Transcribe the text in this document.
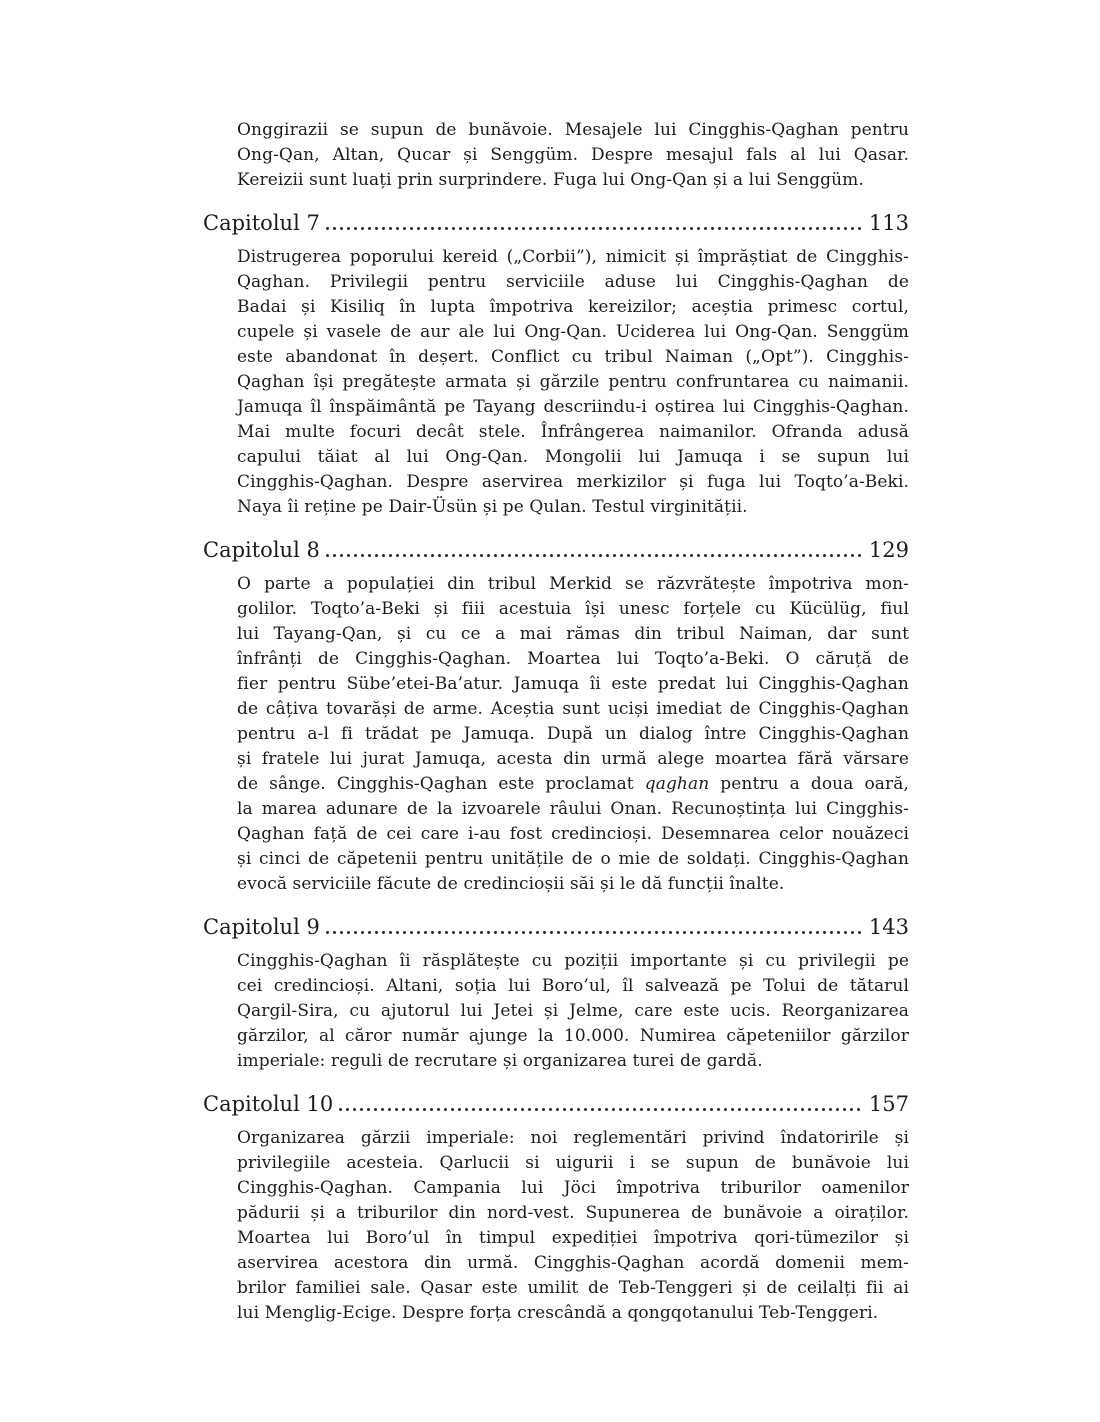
Onggirazii se supun de bunăvoie. Mesajele lui Cingghis-Qaghan pentru
Ong-Qan, Altan, Qucar și Senggüm. Despre mesajul fals al lui Qasar.
Kereizii sunt luați prin surprindere. Fuga lui Ong-Qan și a lui Senggüm.
Capitolul 7	113
Distrugerea poporului kereid („Corbii”), nimicit și împrăștiat de Cingghis-
Qaghan. Privilegii pentru serviciile aduse lui Cingghis-Qaghan de
Badai și Kisiliq în lupta împotriva kereizilor; aceștia primesc cortul,
cupele și vasele de aur ale lui Ong-Qan. Uciderea lui Ong-Qan. Senggüm
este abandonat în deșert. Conflict cu tribul Naiman („Opt”). Cingghis-
Qaghan își pregătește armata și gărzile pentru confruntarea cu naimanii.
Jamuqa îl înspăimântă pe Tayang descriindu-i oștirea lui Cingghis-Qaghan.
Mai multe focuri decât stele. Înfrângerea naimanilor. Ofranda adusă
capului tăiat al lui Ong-Qan. Mongolii lui Jamuqa i se supun lui
Cingghis-Qaghan. Despre aservirea merkizilor și fuga lui Toqto’a-Beki.
Naya îi reține pe Dair-Üsün și pe Qulan. Testul virginității.
Capitolul 8	129
O parte a populației din tribul Merkid se răzvrătește împotriva mon-
golilor. Toqto’a-Beki și fiii acestuia își unesc forțele cu Kücülüg, fiul
lui Tayang-Qan, și cu ce a mai rămas din tribul Naiman, dar sunt
înfrânți de Cingghis-Qaghan. Moartea lui Toqto’a-Beki. O căruță de
fier pentru Sübe’etei-Ba’atur. Jamuqa îi este predat lui Cingghis-Qaghan
de câțiva tovarăși de arme. Aceștia sunt uciși imediat de Cingghis-Qaghan
pentru a-l fi trădat pe Jamuqa. După un dialog între Cingghis-Qaghan
și fratele lui jurat Jamuqa, acesta din urmă alege moartea fără vărsare
de sânge. Cingghis-Qaghan este proclamat qaghan pentru a doua oară,
la marea adunare de la izvoarele râului Onan. Recunoștința lui Cingghis-
Qaghan față de cei care i-au fost credincioși. Desemnarea celor nouăzeci
și cinci de căpetenii pentru unitățile de o mie de soldați. Cingghis-Qaghan
evocă serviciile făcute de credincioșii săi și le dă funcții înalte.
Capitolul 9	143
Cingghis-Qaghan îi răsplătește cu poziții importante și cu privilegii pe
cei credincioși. Altani, soția lui Boro’ul, îl salvează pe Tolui de tătarul
Qargil-Sira, cu ajutorul lui Jetei și Jelme, care este ucis. Reorganizarea
gărzilor, al căror număr ajunge la 10.000. Numirea căpeteniilor gărzilor
imperiale: reguli de recrutare și organizarea turei de gardă.
Capitolul 10	157
Organizarea gărzii imperiale: noi reglementări privind îndatoririle și
privilegiile acesteia. Qarlucii si uigurii i se supun de bunăvoie lui
Cingghis-Qaghan. Campania lui Jöci împotriva triburilor oamenilor
pădurii și a triburilor din nord-vest. Supunerea de bunăvoie a oiraților.
Moartea lui Boro’ul în timpul expediției împotriva qori-tümezilor și
aservirea acestora din urmă. Cingghis-Qaghan acordă domenii mem-
brilor familiei sale. Qasar este umilit de Teb-Tenggeri și de ceilalți fii ai
lui Menglig-Ecige. Despre forța crescândă a qongqotanului Teb-Tenggeri.
